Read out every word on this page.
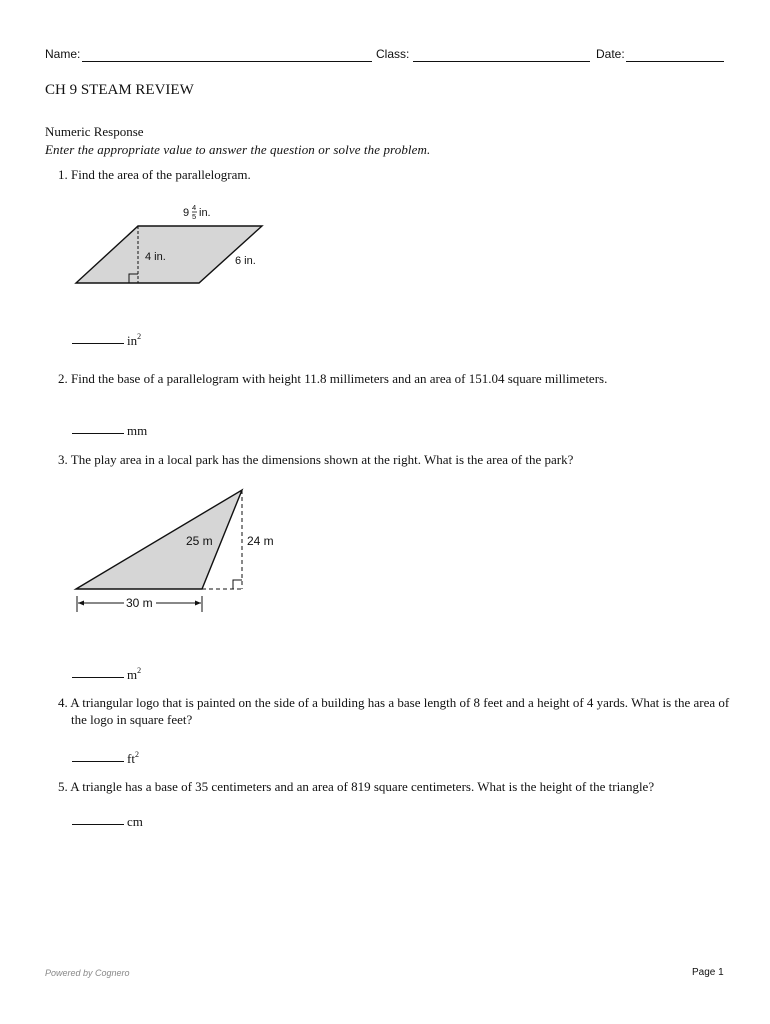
Name:	Class:	Date:
CH 9 STEAM REVIEW
Numeric Response
Enter the appropriate value to answer the question or solve the problem.
1. Find the area of the parallelogram.
9 4
5 in.
4 in.	6 in.
$in^2$
2. Find the base of a parallelogram with height 11.8 millimeters and an area of 151.04 square millimeters.
mm
3. The play area in a local park has the dimensions shown at the right. What is the area of the park?
25 m	24 m
30 m
$m^2$
4. A triangular logo that is painted on the side of a building has a base length of 8 feet and a height of 4 yards. What is the area of the logo in square feet?
$ft^2$
5. A triangle has a base of 35 centimeters and an area of 819 square centimeters. What is the height of the triangle?
cm
Powered by Cognero	Page 1
